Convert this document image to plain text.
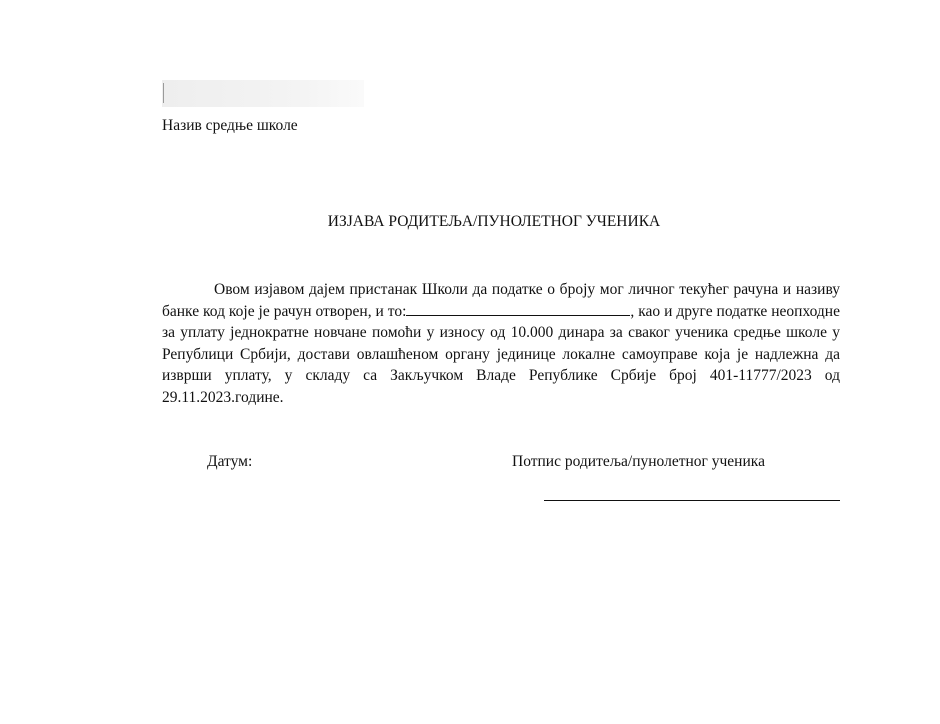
Назив средње школе
ИЗЈАВА РОДИТЕЉА/ПУНОЛЕТНОГ УЧЕНИКА

Овом изјавом дајем пристанак Школи да податке о броју мог личног текућег рачуна и називу банке код које је рачун отворен, и то:	, као и друге податке неопходне за уплату једнократне новчане помоћи у износу од 10.000 динара за сваког ученика средње школе у Републици Србији, достави овлашћеном органу јединице локалне самоуправе која је надлежна да изврши уплату, у складу са Закључком Владе Републике Србије број 401-11777/2023 од 29.11.2023.године.

Датум:	Потпис родитеља/пунолетног ученика
